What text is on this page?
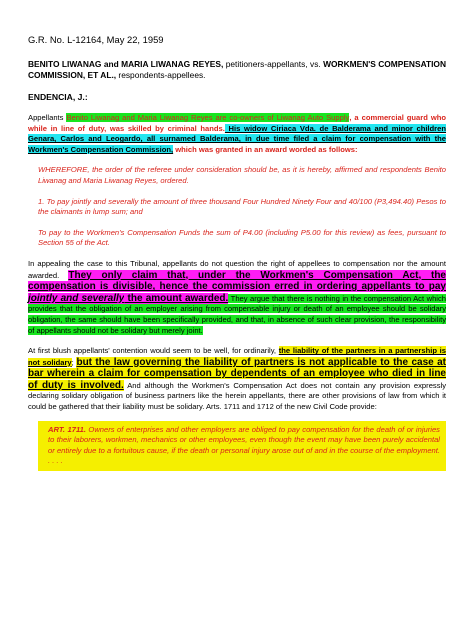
G.R. No. L-12164, May 22, 1959

BENITO LIWANAG and MARIA LIWANAG REYES, petitioners-appellants, vs. WORKMEN'S COMPENSATION COMMISSION, ET AL., respondents-appellees.

ENDENCIA, J.:

Appellants Benito Liwanag and Maria Liwanag Reyes are co-owners of Liwanag Auto Supply, a commercial guard who while in line of duty, was skilled by criminal hands. His widow Ciriaca Vda. de Balderama and minor children Genara, Carlos and Leogardo, all surnamed Balderama, in due time filed a claim for compensation with the Workmen's Compensation Commission, which was granted in an award worded as follows:

WHEREFORE, the order of the referee under consideration should be, as it is hereby, affirmed and respondents Benito Liwanag and Maria Liwanag Reyes, ordered.

1. To pay jointly and severally the amount of three thousand Four Hundred Ninety Four and 40/100 (P3,494.40) Pesos to the claimants in lump sum; and

To pay to the Workmen's Compensation Funds the sum of P4.00 (including P5.00 for this review) as fees, pursuant to Section 55 of the Act.

In appealing the case to this Tribunal, appellants do not question the right of appellees to compensation nor the amount awarded. They only claim that, under the Workmen's Compensation Act, the compensation is divisible, hence the commission erred in ordering appellants to pay jointly and severally the amount awarded. They argue that there is nothing in the compensation Act which provides that the obligation of an employer arising from compensable injury or death of an employee should be solidary obligation, the same should have been specifically provided, and that, in absence of such clear provision, the responsibility of appellants should not be solidary but merely joint.

At first blush appellants' contention would seem to be well, for ordinarily, the liability of the partners in a partnership is not solidary; but the law governing the liability of partners is not applicable to the case at bar wherein a claim for compensation by dependents of an employee who died in line of duty is involved. And although the Workmen's Compensation Act does not contain any provision expressly declaring solidary obligation of business partners like the herein appellants, there are other provisions of law from which it could be gathered that their liability must be solidary. Arts. 1711 and 1712 of the new Civil Code provide:

ART. 1711. Owners of enterprises and other employers are obliged to pay compensation for the death of or injuries to their laborers, workmen, mechanics or other employees, even though the event may have been purely accidental or entirely due to a fortuitous cause, if the death or personal injury arose out of and in the course of the employment. . . . .
